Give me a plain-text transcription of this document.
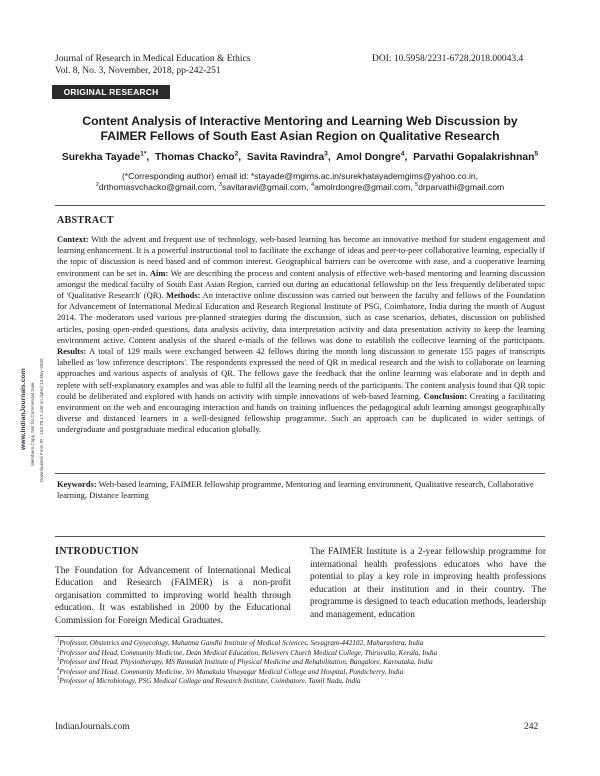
Journal of Research in Medical Education & Ethics
Vol. 8, No. 3, November, 2018, pp-242-251
DOI: 10.5958/2231-6728.2018.00043.4
ORIGINAL RESEARCH
Content Analysis of Interactive Mentoring and Learning Web Discussion by FAIMER Fellows of South East Asian Region on Qualitative Research
Surekha Tayade$^{1*}$,  Thomas Chacko$^2$,  Savita Ravindra$^3$,  Amol Dongre$^4$,  Parvathi Gopalakrishnan$^5$
(*Corresponding author) email id: *stayade@mgims.ac.in/surekhatayademgims@yahoo.co.in,
$^2$drthomasvchacko@gmail.com, $^3$savitaravi@gmail.com, $^4$amolrdongre@gmail.com, $^5$drparvathi@gmail.com
ABSTRACT
Context: With the advent and frequent use of technology, web-based learning has become an innovative method for student engagement and learning enhancement. It is a powerful instructional tool to facilitate the exchange of ideas and peer-to-peer collaborative learning, especially if the topic of discussion is need based and of common interest. Geographical barriers can be overcome with ease, and a cooperative learning environment can be set in. Aim: We are describing the process and content analysis of effective web-based mentoring and learning discussion amongst the medical faculty of South East Asian Region, carried out during an educational fellowship on the less frequently deliberated topic of 'Qualitative Research' (QR). Methods: An interactive online discussion was carried out between the faculty and fellows of the Foundation for Advancement of International Medical Education and Research Regional Institute of PSG, Coimbatore, India during the month of August 2014. The moderators used various pre-planned strategies during the discussion, such as case scenarios, debates, discussion on published articles, posing open-ended questions, data analysis activity, data interpretation activity and data presentation activity to keep the learning environment active. Content analysis of the shared e-mails of the fellows was done to establish the collective learning of the participants. Results: A total of 129 mails were exchanged between 42 fellows during the month long discussion to generate 155 pages of transcripts labelled as 'low inference descriptors'. The respondents expressed the need of QR in medical research and the wish to collaborate on learning approaches and various aspects of analysis of QR. The fellows gave the feedback that the online learning was elaborate and in depth and replete with self-explanatory examples and was able to fulfil all the learning needs of the participants. The content analysis found that QR topic could be deliberated and explored with hands on activity with simple innovations of web-based learning. Conclusion: Creating a facilitating environment on the web and encouraging interaction and hands on training influences the pedagogical adult learning amongst geographically diverse and distanced learners in a well-designed fellowship programme. Such an approach can be duplicated in wider settings of undergraduate and postgraduate medical education globally.
Keywords: Web-based learning, FAIMER fellowship programme, Mentoring and learning environment, Qualitative research, Collaborative learning, Distance learning
INTRODUCTION

The Foundation for Advancement of International Medical Education and Research (FAIMER) is a non-profit organisation committed to improving world health through education. It was established in 2000 by the Educational Commission for Foreign Medical Graduates.

The FAIMER Institute is a 2-year fellowship programme for international health professions educators who have the potential to play a key role in improving health professions education at their institution and in their country. The programme is designed to teach education methods, leadership and management, education

$^1$Professor, Obstetrics and Gynecology, Mahatma Gandhi Institute of Medical Sciences, Sevagram-442102, Maharashtra, India
$^2$Professor and Head, Community Medicine, Dean Medical Education, Believers Church Medical College, Thiruvalla, Kerala, India
$^3$Professor and Head, Physiotherapy, MS Ramaiah Institute of Physical Medicine and Rehabilitation, Bangalore, Karnataka, India
$^4$Professor and Head, Community Medicine, Sri Manakula Vinayagar Medical College and Hospital, Pondicherry, India
$^5$Professor of Microbiology, PSG Medical College and Research Institute, Coimbatore, Tamil Nadu, India
IndianJournals.com	242
www.IndianJournals.com Members Copy, Not for Commercial Sale Downloaded From IP - 103.78.17.140 on dated 13-Nov-2020
